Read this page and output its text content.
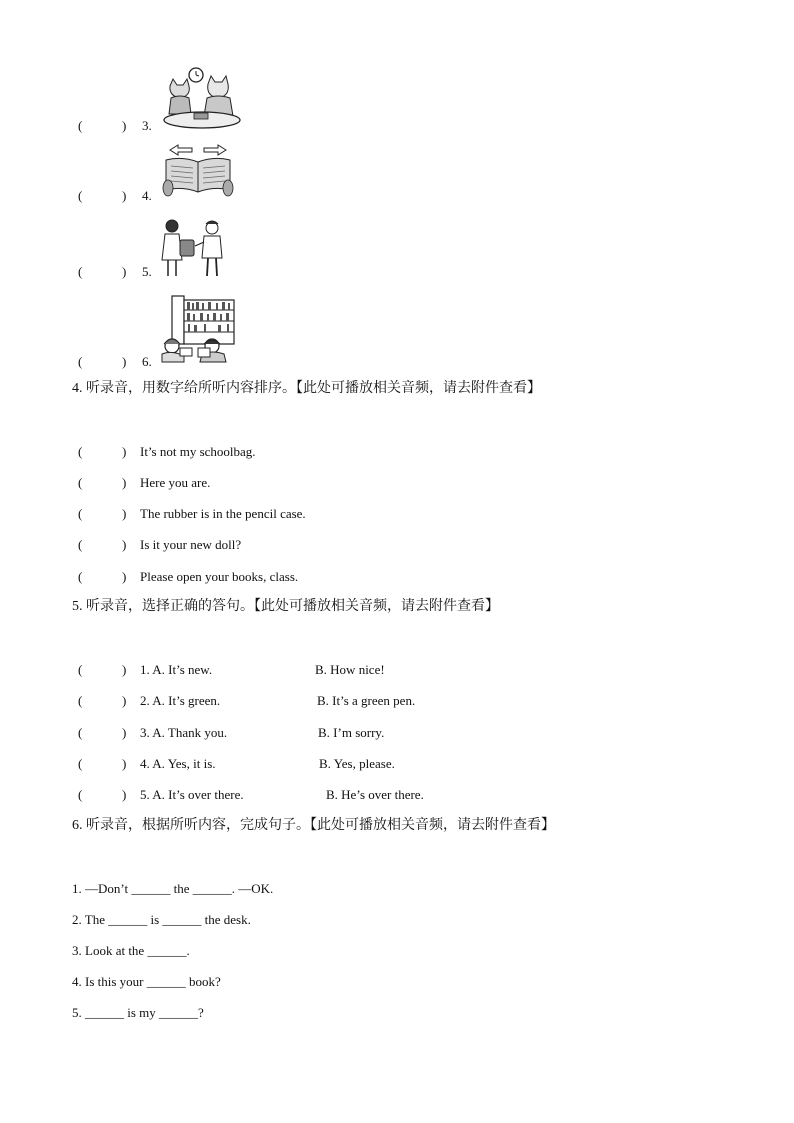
(	) 3.
(	) 4.
(	) 5.
(	) 6.
4. 听录音，用数字给所听内容排序。【此处可播放相关音频，请去附件查看】
(	) It’s not my schoolbag.
(	) Here you are.
(	) The rubber is in the pencil case.
(	) Is it your new doll?
(	) Please open your books, class.
5. 听录音，选择正确的答句。【此处可播放相关音频，请去附件查看】
(	) 1. A. It’s new.	B. How nice!
(	) 2. A. It’s green.	B. It’s a green pen.
(	) 3. A. Thank you.	B. I’m sorry.
(	) 4. A. Yes, it is.	B. Yes, please.
(	) 5. A. It’s over there.	B. He’s over there.
6. 听录音，根据所听内容，完成句子。【此处可播放相关音频，请去附件查看】
1. —Don’t ______ the ______. —OK.
2. The ______ is ______ the desk.
3. Look at the ______.
4. Is this your ______ book?
5. ______ is my ______?
